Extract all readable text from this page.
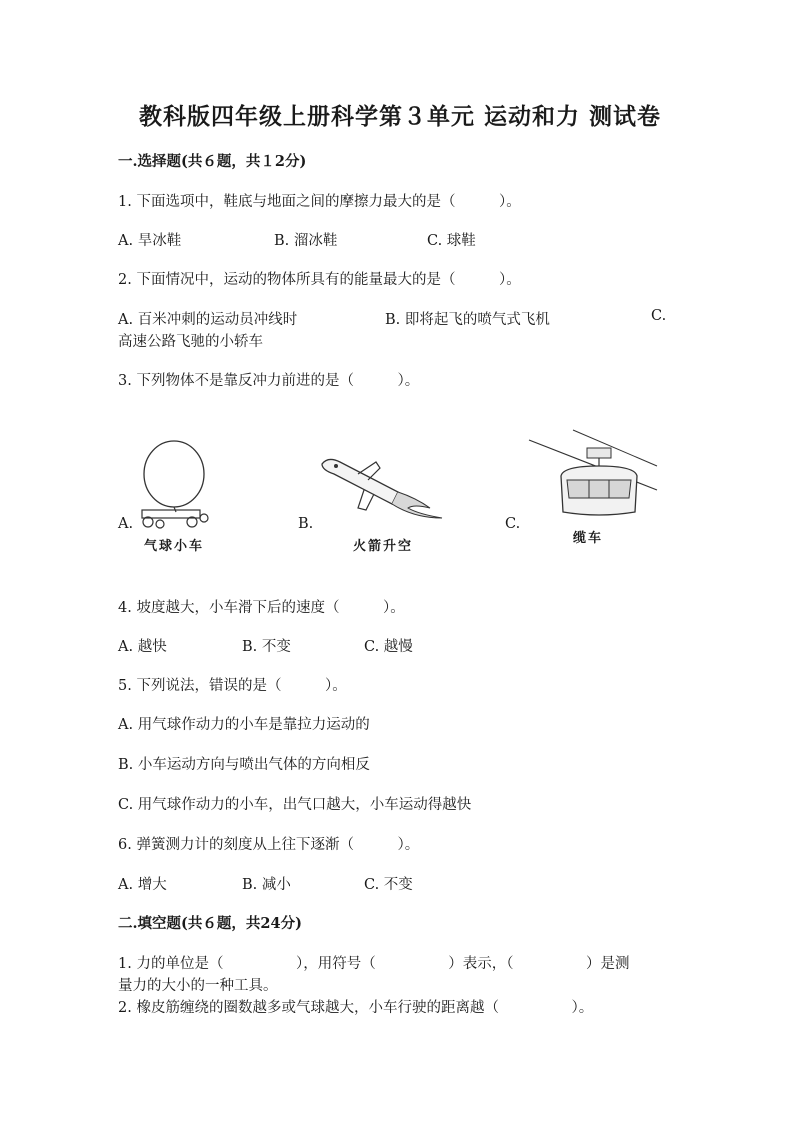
教科版四年级上册科学第３单元 运动和力 测试卷
一.选择题(共６题，共１2分)
1. 下面选项中，鞋底与地面之间的摩擦力最大的是（　　　）。
A. 旱冰鞋	B. 溜冰鞋	C. 球鞋
2. 下面情况中，运动的物体所具有的能量最大的是（　　　）。
A. 百米冲刺的运动员冲线时	B. 即将起飞的喷气式飞机	C.
高速公路飞驰的小轿车
3. 下列物体不是靠反冲力前进的是（　　　）。
A.	B.	C.
气球小车	火箭升空
缆车
4. 坡度越大，小车滑下后的速度（　　　）。
A. 越快	B. 不变	C. 越慢
5. 下列说法，错误的是（　　　）。
A. 用气球作动力的小车是靠拉力运动的
B. 小车运动方向与喷出气体的方向相反
C. 用气球作动力的小车，出气口越大，小车运动得越快
6. 弹簧测力计的刻度从上往下逐渐（　　　）。
A. 增大	B. 减小	C. 不变
二.填空题(共６题，共24分)
1. 力的单位是（　　　　　），用符号（　　　　　）表示，（　　　　　）是测
量力的大小的一种工具。
2. 橡皮筋缠绕的圈数越多或气球越大，小车行驶的距离越（　　　　　）。
